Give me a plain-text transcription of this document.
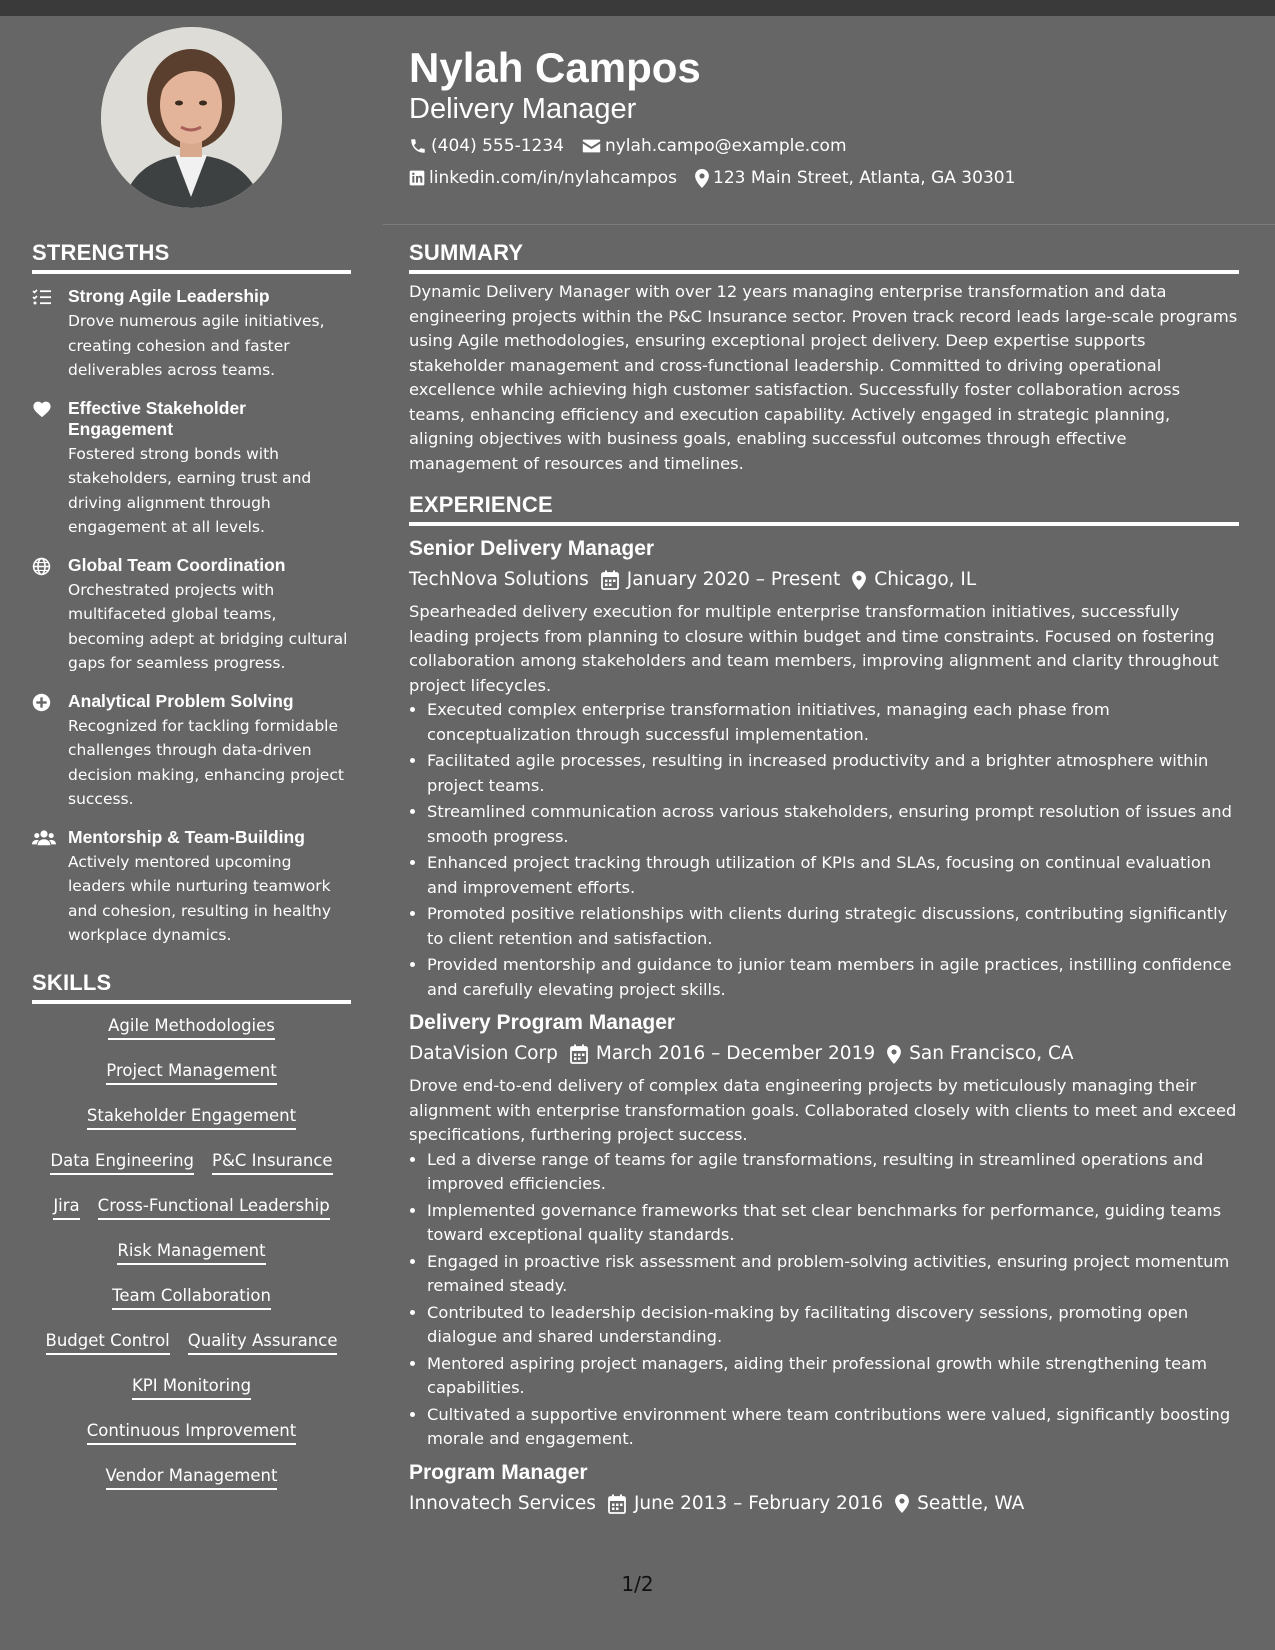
Nylah Campos
Delivery Manager
(404) 555-1234 nylah.campo@example.com
linkedin.com/in/nylahcampos 123 Main Street, Atlanta, GA 30301
STRENGTHS
Strong Agile Leadership
Drove numerous agile initiatives, creating cohesion and faster deliverables across teams.
Effective Stakeholder Engagement
Fostered strong bonds with stakeholders, earning trust and driving alignment through engagement at all levels.
Global Team Coordination
Orchestrated projects with multifaceted global teams, becoming adept at bridging cultural gaps for seamless progress.
Analytical Problem Solving
Recognized for tackling formidable challenges through data-driven decision making, enhancing project success.
Mentorship & Team-Building
Actively mentored upcoming leaders while nurturing teamwork and cohesion, resulting in healthy workplace dynamics.
SKILLS
Agile Methodologies
Project Management
Stakeholder Engagement
Data Engineering P&C Insurance
Jira Cross-Functional Leadership
Risk Management
Team Collaboration
Budget Control Quality Assurance
KPI Monitoring
Continuous Improvement
Vendor Management
SUMMARY
Dynamic Delivery Manager with over 12 years managing enterprise transformation and data engineering projects within the P&C Insurance sector. Proven track record leads large-scale programs using Agile methodologies, ensuring exceptional project delivery. Deep expertise supports stakeholder management and cross-functional leadership. Committed to driving operational excellence while achieving high customer satisfaction. Successfully foster collaboration across teams, enhancing efficiency and execution capability. Actively engaged in strategic planning, aligning objectives with business goals, enabling successful outcomes through effective management of resources and timelines.
EXPERIENCE
Senior Delivery Manager
TechNova Solutions January 2020 – Present Chicago, IL
Spearheaded delivery execution for multiple enterprise transformation initiatives, successfully leading projects from planning to closure within budget and time constraints. Focused on fostering collaboration among stakeholders and team members, improving alignment and clarity throughout project lifecycles.
• Executed complex enterprise transformation initiatives, managing each phase from conceptualization through successful implementation.
• Facilitated agile processes, resulting in increased productivity and a brighter atmosphere within project teams.
• Streamlined communication across various stakeholders, ensuring prompt resolution of issues and smooth progress.
• Enhanced project tracking through utilization of KPIs and SLAs, focusing on continual evaluation and improvement efforts.
• Promoted positive relationships with clients during strategic discussions, contributing significantly to client retention and satisfaction.
• Provided mentorship and guidance to junior team members in agile practices, instilling confidence and carefully elevating project skills.
Delivery Program Manager
DataVision Corp March 2016 – December 2019 San Francisco, CA
Drove end-to-end delivery of complex data engineering projects by meticulously managing their alignment with enterprise transformation goals. Collaborated closely with clients to meet and exceed specifications, furthering project success.
• Led a diverse range of teams for agile transformations, resulting in streamlined operations and improved efficiencies.
• Implemented governance frameworks that set clear benchmarks for performance, guiding teams toward exceptional quality standards.
• Engaged in proactive risk assessment and problem-solving activities, ensuring project momentum remained steady.
• Contributed to leadership decision-making by facilitating discovery sessions, promoting open dialogue and shared understanding.
• Mentored aspiring project managers, aiding their professional growth while strengthening team capabilities.
• Cultivated a supportive environment where team contributions were valued, significantly boosting morale and engagement.
Program Manager
Innovatech Services June 2013 – February 2016 Seattle, WA
1/2
